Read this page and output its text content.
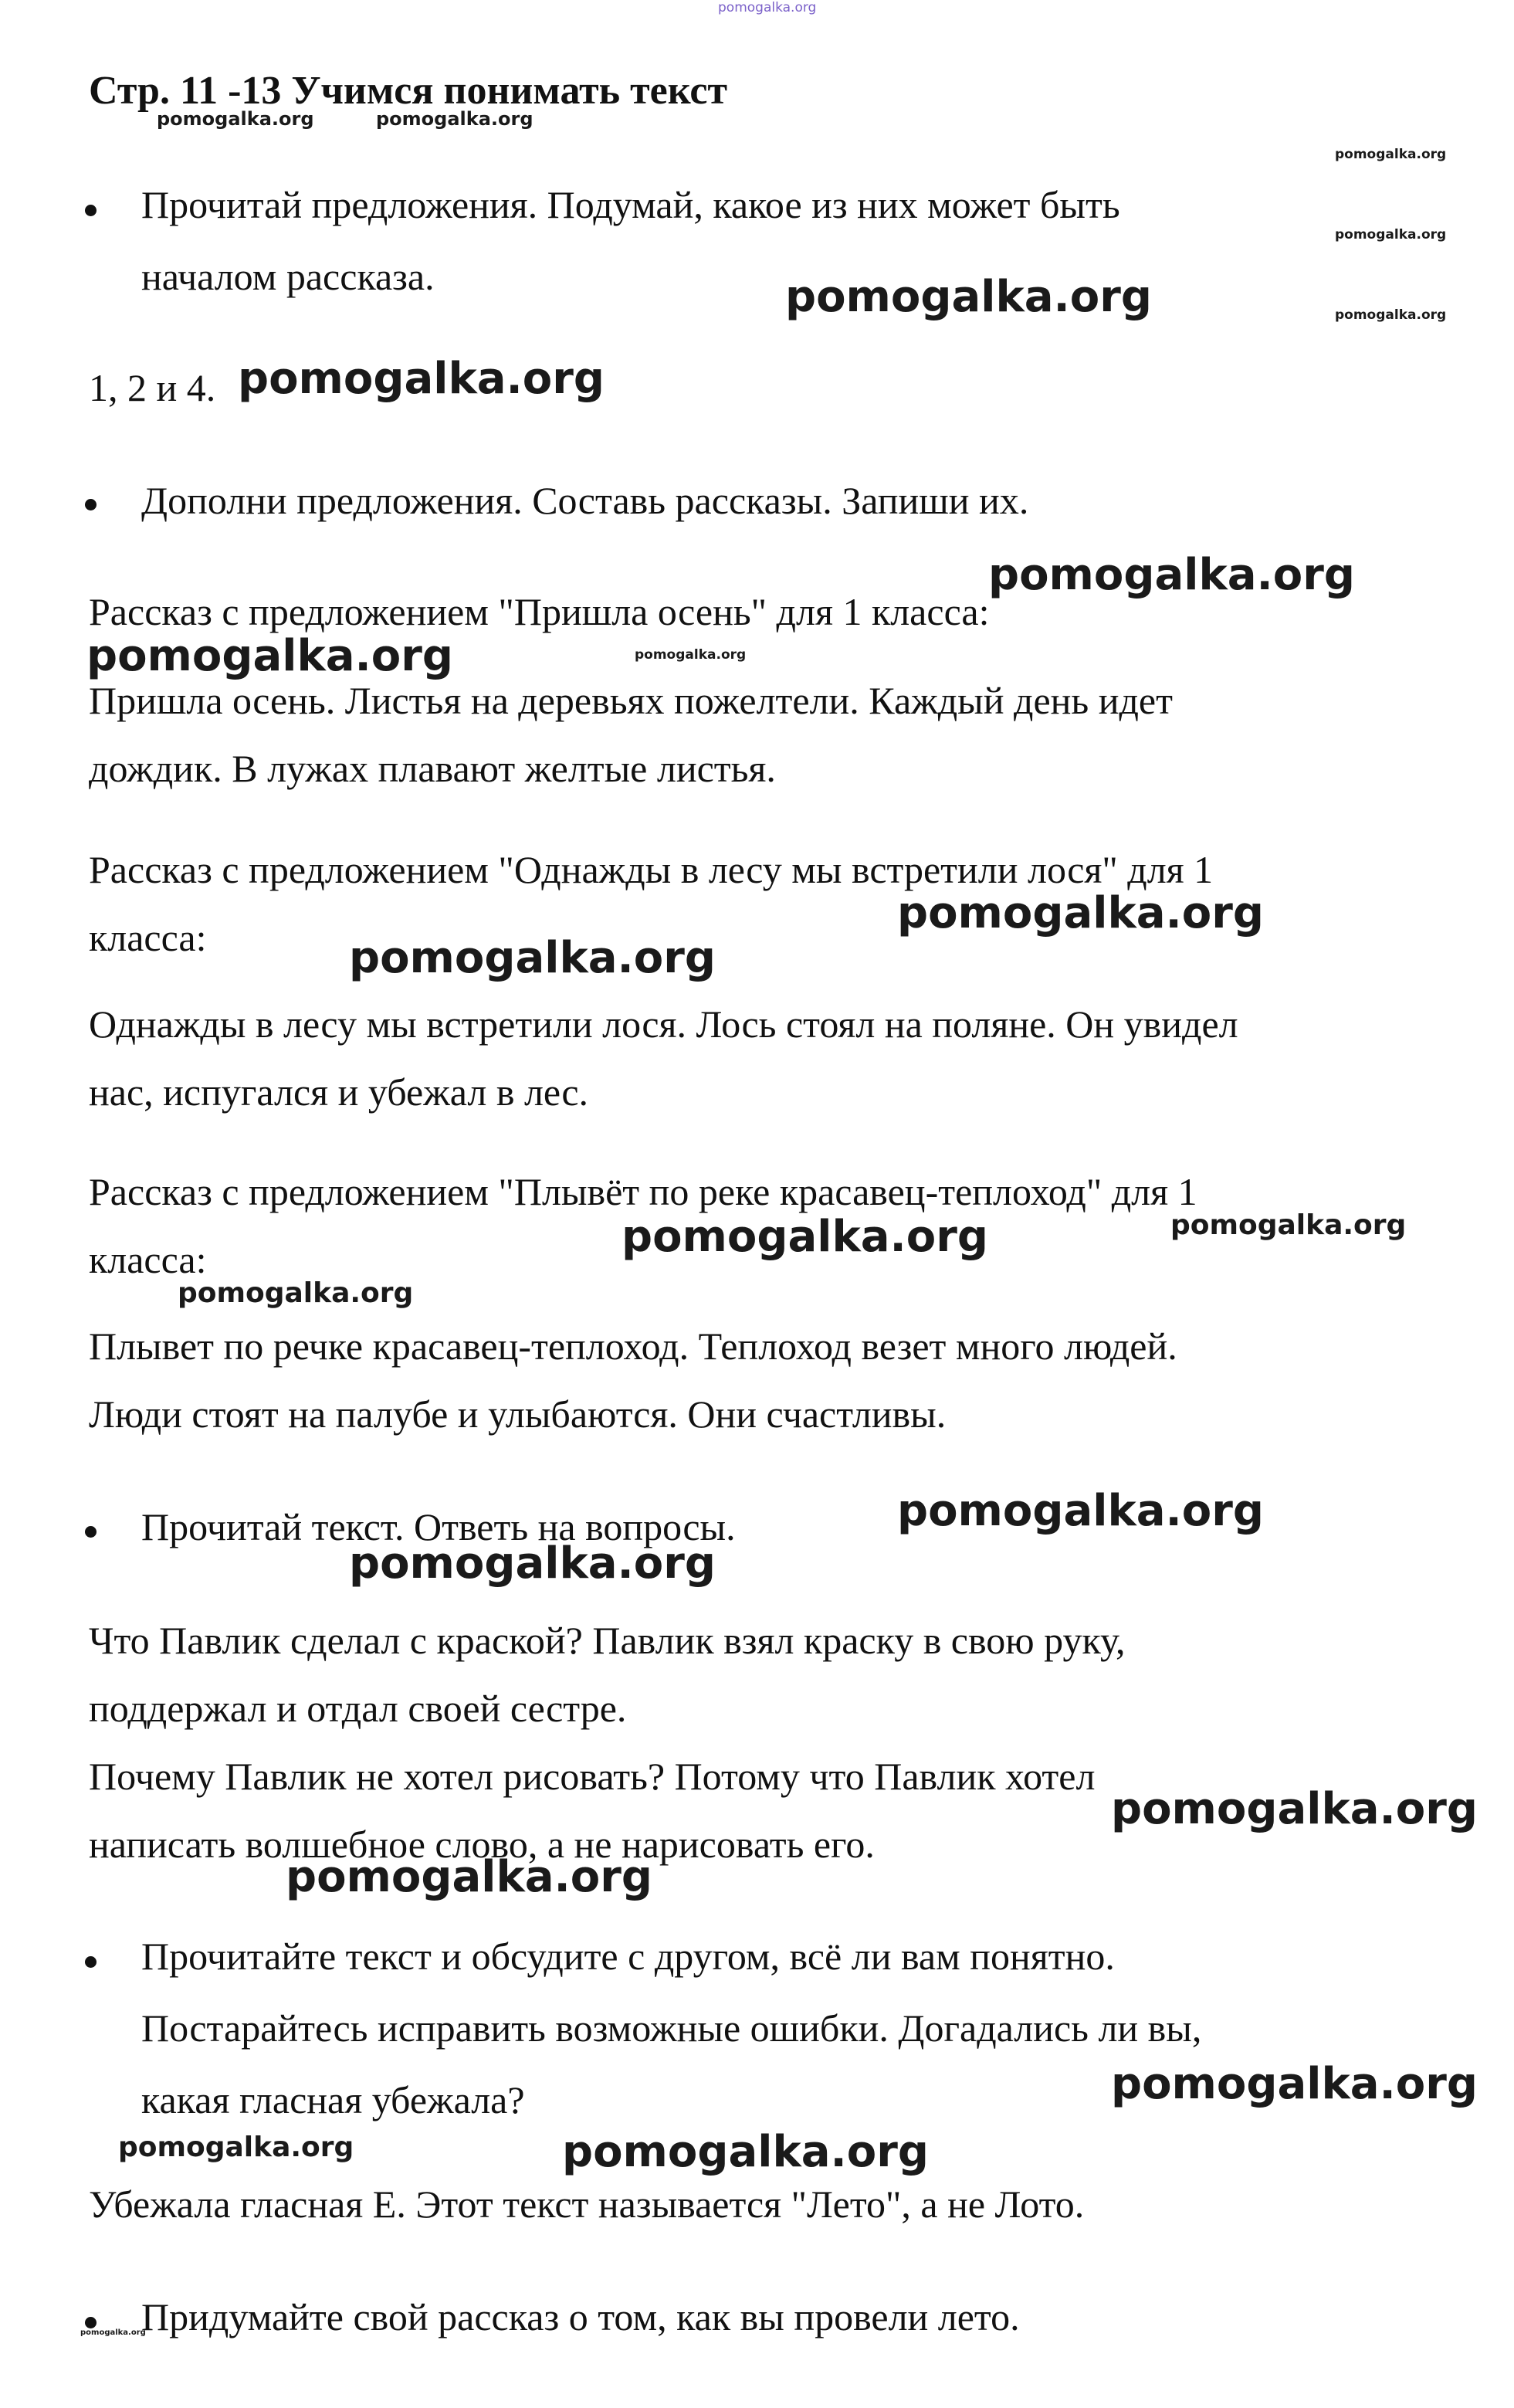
Стр. 11 -13 Учимся понимать текст
Прочитай предложения. Подумай, какое из них может быть
началом рассказа.
1, 2 и 4.
Дополни предложения. Составь рассказы. Запиши их.
Рассказ с предложением "Пришла осень" для 1 класса:
Пришла осень. Листья на деревьях пожелтели. Каждый день идет
дождик. В лужах плавают желтые листья.
Рассказ с предложением "Однажды в лесу мы встретили лося" для 1
класса:
Однажды в лесу мы встретили лося. Лось стоял на поляне. Он увидел
нас, испугался и убежал в лес.
Рассказ с предложением "Плывёт по реке красавец-теплоход" для 1
класса:
Плывет по речке красавец-теплоход. Теплоход везет много людей.
Люди стоят на палубе и улыбаются. Они счастливы.
Прочитай текст. Ответь на вопросы.
Что Павлик сделал с краской? Павлик взял краску в свою руку,
поддержал и отдал своей сестре.
Почему Павлик не хотел рисовать? Потому что Павлик хотел
написать волшебное слово, а не нарисовать его.
Прочитайте текст и обсудите с другом, всё ли вам понятно.
Постарайтесь исправить возможные ошибки. Догадались ли вы,
какая гласная убежала?
Убежала гласная Е. Этот текст называется "Лето", а не Лото.
Придумайте свой рассказ о том, как вы провели лето.
pomogalka.org
pomogalka.org	pomogalka.org
pomogalka.org
pomogalka.org
pomogalka.org
pomogalka.org
pomogalka.org
pomogalka.org
pomogalka.org	pomogalka.org
pomogalka.org
pomogalka.org
pomogalka.org	pomogalka.org
pomogalka.org
pomogalka.org
pomogalka.org
pomogalka.org
pomogalka.org
pomogalka.org
pomogalka.org	pomogalka.org
pomogalka.org
